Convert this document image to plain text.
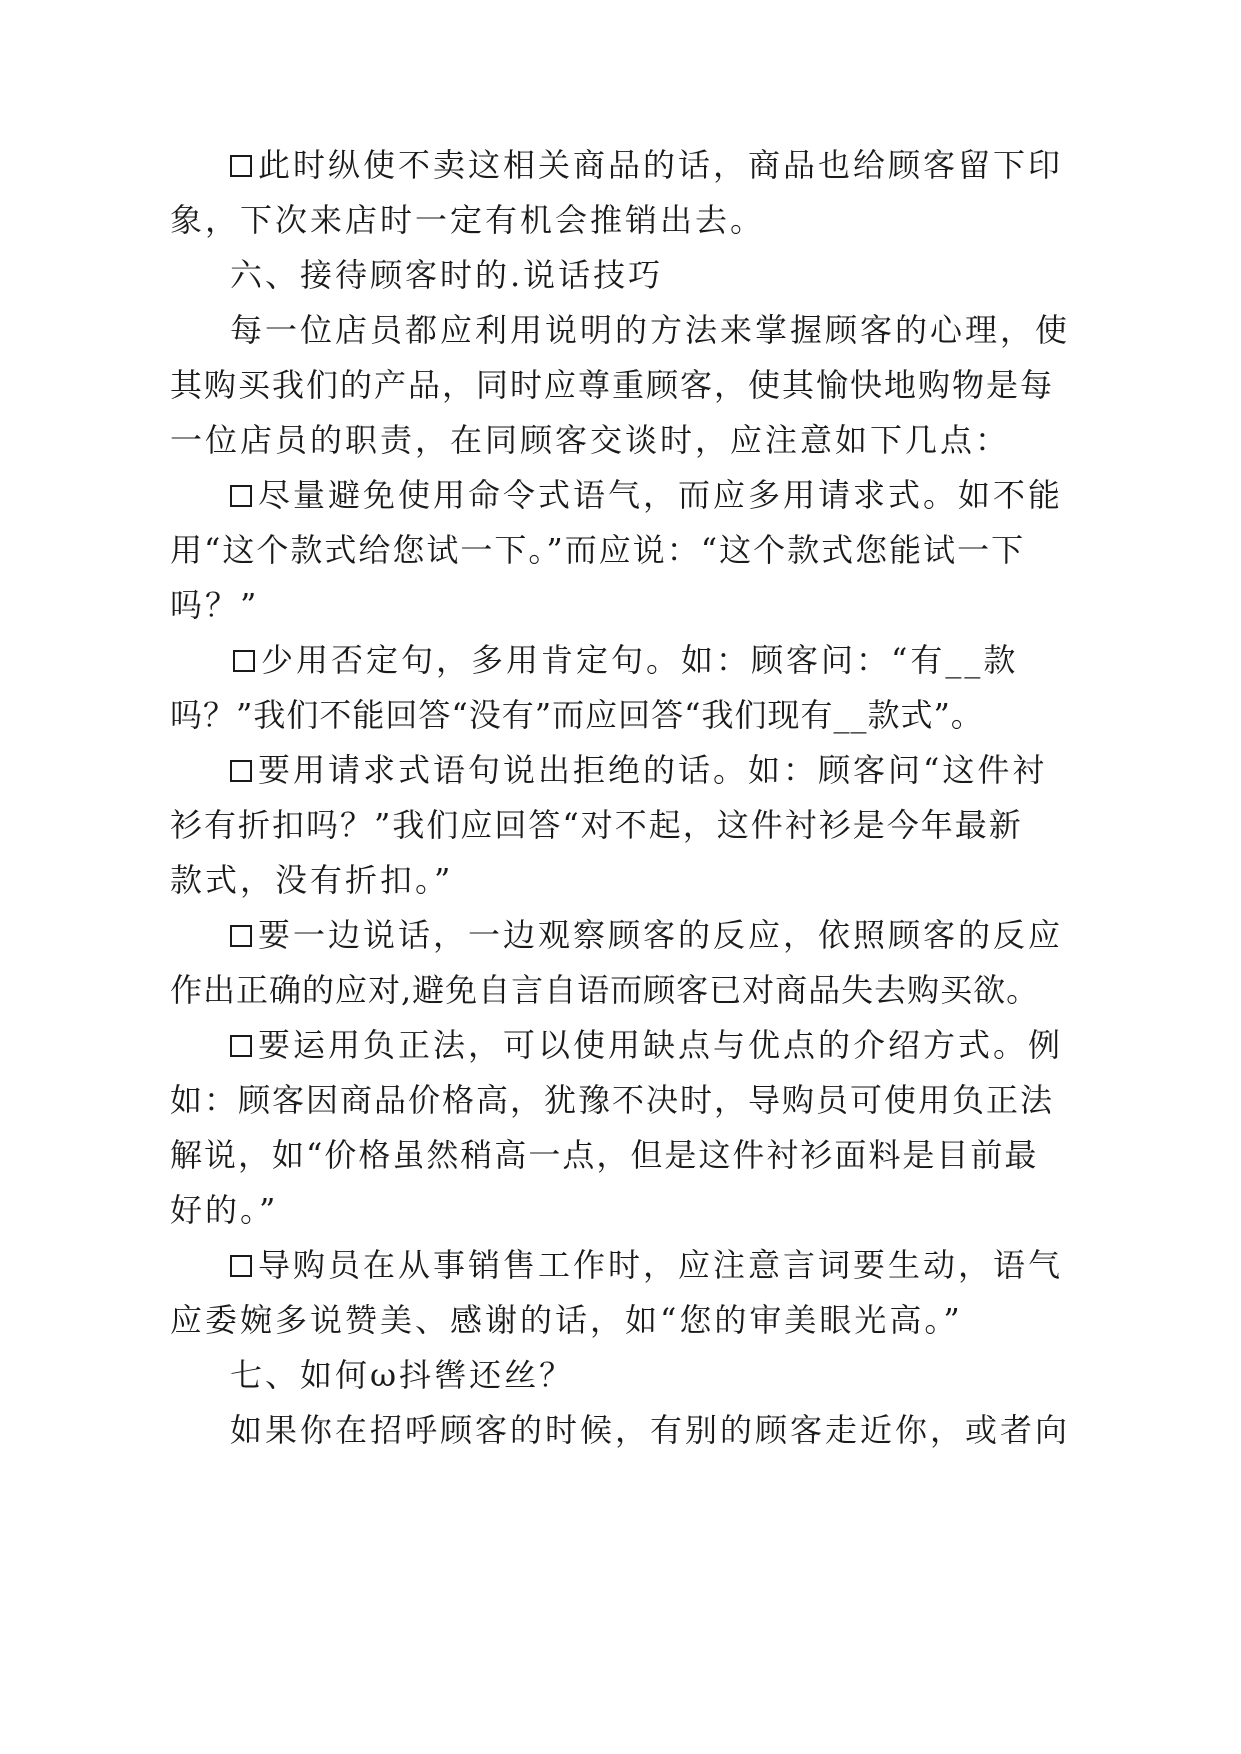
此时纵使不卖这相关商品的话，商品也给顾客留下印
象，下次来店时一定有机会推销出去。
六、接待顾客时的.说话技巧
每一位店员都应利用说明的方法来掌握顾客的心理，使
其购买我们的产品，同时应尊重顾客，使其愉快地购物是每
一位店员的职责，在同顾客交谈时，应注意如下几点：
尽量避免使用命令式语气，而应多用请求式。如不能
用“这个款式给您试一下。”而应说：“这个款式您能试一下
吗？”
少用否定句，多用肯定句。如：顾客问：“有__款
吗？”我们不能回答“没有”而应回答“我们现有__款式”。
要用请求式语句说出拒绝的话。如：顾客问“这件衬
衫有折扣吗？”我们应回答“对不起，这件衬衫是今年最新
款式，没有折扣。”
要一边说话，一边观察顾客的反应，依照顾客的反应
作出正确的应对,避免自言自语而顾客已对商品失去购买欲。
要运用负正法，可以使用缺点与优点的介绍方式。例
如：顾客因商品价格高，犹豫不决时，导购员可使用负正法
解说，如“价格虽然稍高一点，但是这件衬衫面料是目前最
好的。”
导购员在从事销售工作时，应注意言词要生动，语气
应委婉多说赞美、感谢的话，如“您的审美眼光高。”
七、如何ω抖辔还丝？
如果你在招呼顾客的时候，有别的顾客走近你，或者向
